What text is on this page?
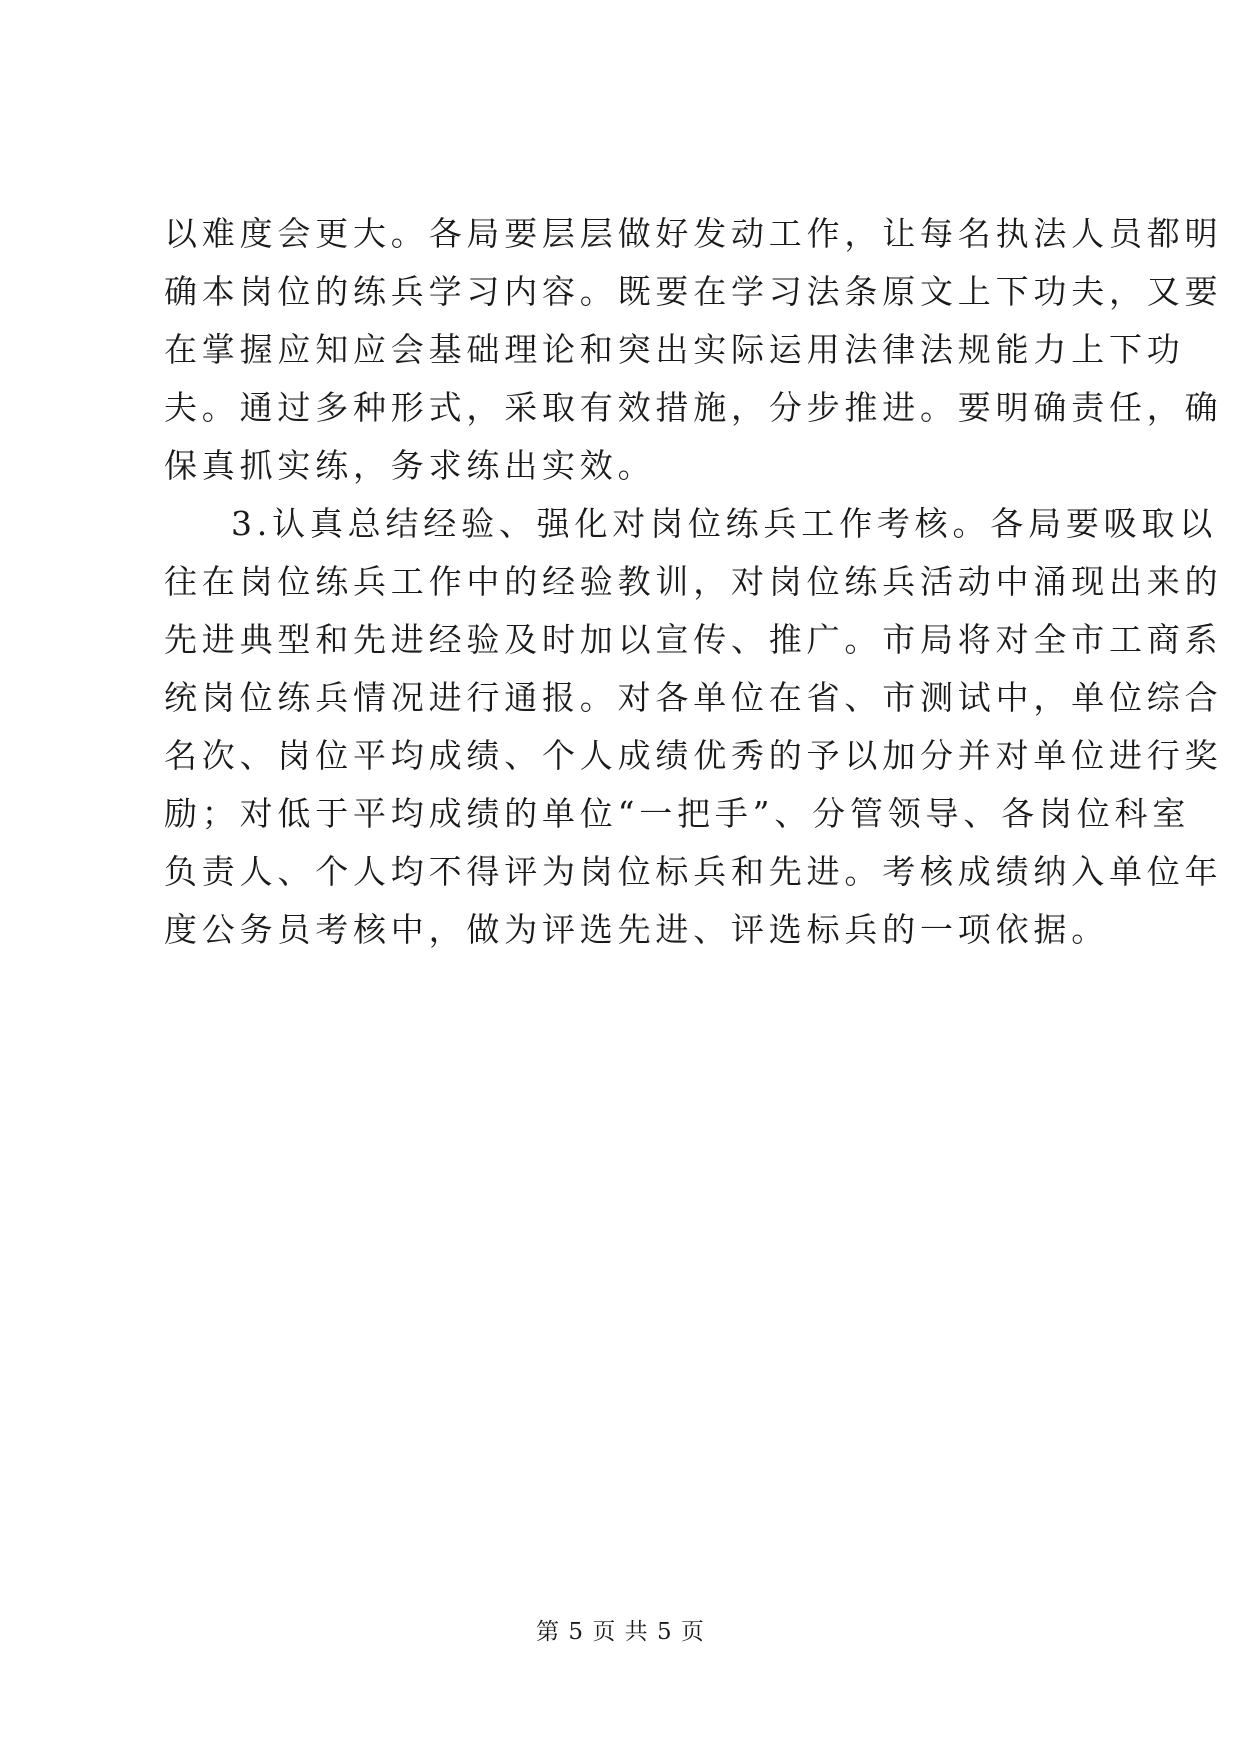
以难度会更大。各局要层层做好发动工作，让每名执法人员都明
确本岗位的练兵学习内容。既要在学习法条原文上下功夫，又要
在掌握应知应会基础理论和突出实际运用法律法规能力上下功
夫。通过多种形式，采取有效措施，分步推进。要明确责任，确
保真抓实练，务求练出实效。
3.认真总结经验、强化对岗位练兵工作考核。各局要吸取以
往在岗位练兵工作中的经验教训，对岗位练兵活动中涌现出来的
先进典型和先进经验及时加以宣传、推广。市局将对全市工商系
统岗位练兵情况进行通报。对各单位在省、市测试中，单位综合
名次、岗位平均成绩、个人成绩优秀的予以加分并对单位进行奖
励；对低于平均成绩的单位“一把手”、分管领导、各岗位科室
负责人、个人均不得评为岗位标兵和先进。考核成绩纳入单位年
度公务员考核中，做为评选先进、评选标兵的一项依据。
第 5 页 共 5 页
